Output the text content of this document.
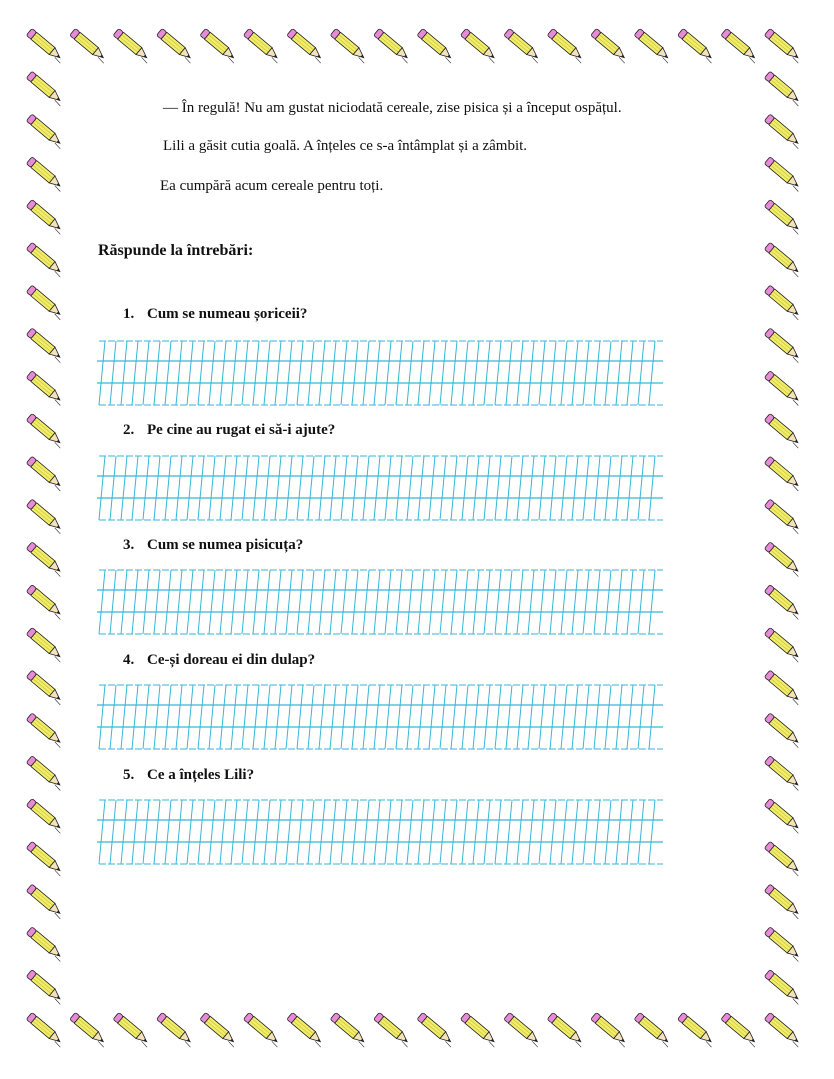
— În regulă! Nu am gustat niciodată cereale, zise pisica și a început ospățul.
Lili a găsit cutia goală. A înțeles ce s-a întâmplat și a zâmbit.
Ea cumpără acum cereale pentru toți.
Răspunde la întrebări:
1. Cum se numeau șoriceii?
2. Pe cine au rugat ei să-i ajute?
3. Cum se numea pisicuța?
4. Ce-și doreau ei din dulap?
5. Ce a înțeles Lili?
